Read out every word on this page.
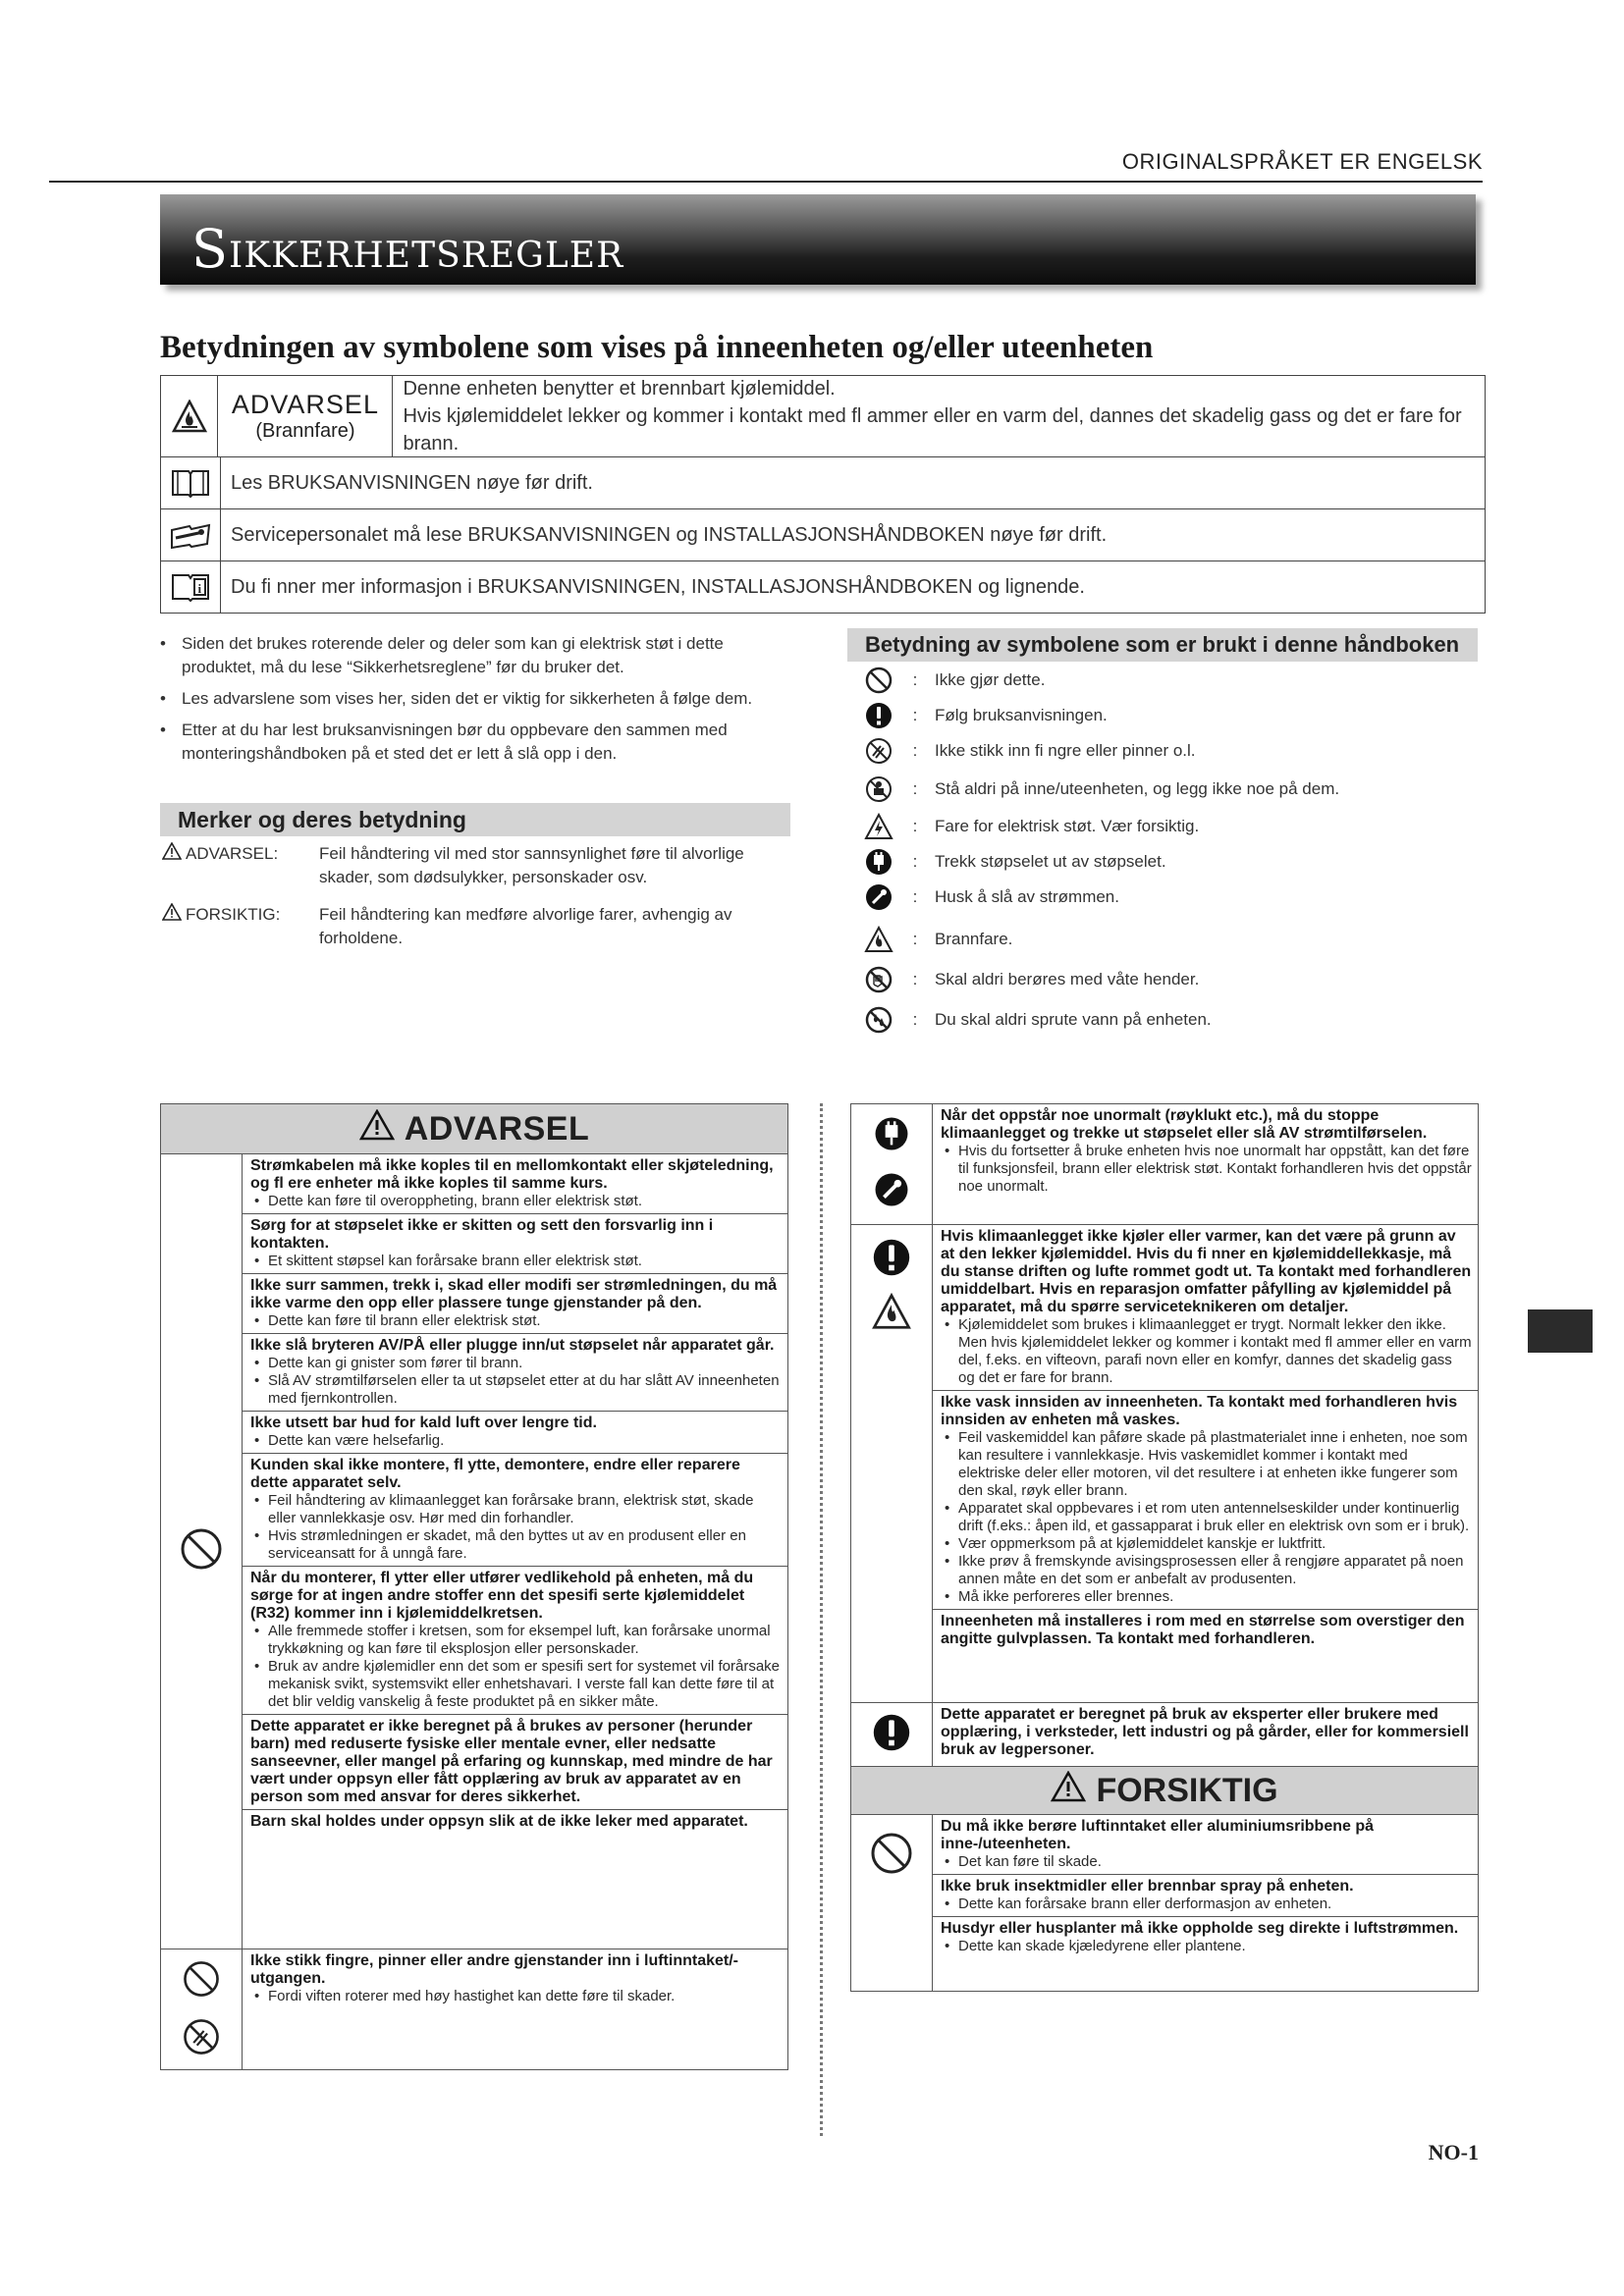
ORIGINALSPRÅKET ER ENGELSK
SIKKERHETSREGLER
Betydningen av symbolene som vises på inneenheten og/eller uteenheten
ADVARSEL
(Brannfare)
Denne enheten benytter et brennbart kjølemiddel.
Hvis kjølemiddelet lekker og kommer i kontakt med fl ammer eller en varm del, dannes det skadelig gass og det er fare for brann.
Les BRUKSANVISNINGEN nøye før drift.
Servicepersonalet må lese BRUKSANVISNINGEN og INSTALLASJONSHÅNDBOKEN nøye før drift.
i	Du fi nner mer informasjon i BRUKSANVISNINGEN, INSTALLASJONSHÅNDBOKEN og lignende.
• Siden det brukes roterende deler og deler som kan gi elektrisk støt i dette produktet, må du lese “Sikkerhetsreglene” før du bruker det.
• Les advarslene som vises her, siden det er viktig for sikkerheten å følge dem.
• Etter at du har lest bruksanvisningen bør du oppbevare den sammen med monteringshåndboken på et sted det er lett å slå opp i den.
Merker og deres betydning
ADVARSEL: Feil håndtering vil med stor sannsynlighet føre til alvorlige skader, som dødsulykker, personskader osv.
FORSIKTIG: Feil håndtering kan medføre alvorlige farer, avhengig av forholdene.
Betydning av symbolene som er brukt i denne håndboken
:	Ikke gjør dette.
:	Følg bruksanvisningen.
:	Ikke stikk inn fi ngre eller pinner o.l.
:	Stå aldri på inne/uteenheten, og legg ikke noe på dem.
:	Fare for elektrisk støt. Vær forsiktig.
:	Trekk støpselet ut av støpselet.
:	Husk å slå av strømmen.
:	Brannfare.
:	Skal aldri berøres med våte hender.
:	Du skal aldri sprute vann på enheten.
ADVARSEL
Strømkabelen må ikke koples til en mellomkontakt eller skjøteledning, og fl ere enheter må ikke koples til samme kurs.
• Dette kan føre til overoppheting, brann eller elektrisk støt.
Sørg for at støpselet ikke er skitten og sett den forsvarlig inn i kontakten.
• Et skittent støpsel kan forårsake brann eller elektrisk støt.
Ikke surr sammen, trekk i, skad eller modifi ser strømledningen, du må ikke varme den opp eller plassere tunge gjenstander på den.
• Dette kan føre til brann eller elektrisk støt.
Ikke slå bryteren AV/PÅ eller plugge inn/ut støpselet når apparatet går.
• Dette kan gi gnister som fører til brann.
• Slå AV strømtilførselen eller ta ut støpselet etter at du har slått AV inneenheten med fjernkontrollen.
Ikke utsett bar hud for kald luft over lengre tid.
• Dette kan være helsefarlig.
Kunden skal ikke montere, fl ytte, demontere, endre eller reparere dette apparatet selv.
• Feil håndtering av klimaanlegget kan forårsake brann, elektrisk støt, skade eller vannlekkasje osv. Hør med din forhandler.
• Hvis strømledningen er skadet, må den byttes ut av en produsent eller en serviceansatt for å unngå fare.
Når du monterer, fl ytter eller utfører vedlikehold på enheten, må du sørge for at ingen andre stoffer enn det spesifi serte kjølemiddelet (R32) kommer inn i kjølemiddelkretsen.
• Alle fremmede stoffer i kretsen, som for eksempel luft, kan forårsake unormal trykkøkning og kan føre til eksplosjon eller personskader.
• Bruk av andre kjølemidler enn det som er spesifi sert for systemet vil forårsake mekanisk svikt, systemsvikt eller enhetshavari. I verste fall kan dette føre til at det blir veldig vanskelig å feste produktet på en sikker måte.
Dette apparatet er ikke beregnet på å brukes av personer (herunder barn) med reduserte fysiske eller mentale evner, eller nedsatte sanseevner, eller mangel på erfaring og kunnskap, med mindre de har vært under oppsyn eller fått opplæring av bruk av apparatet av en person som med ansvar for deres sikkerhet.
Barn skal holdes under oppsyn slik at de ikke leker med apparatet.
Ikke stikk fingre, pinner eller andre gjenstander inn i luftinntaket/-utgangen.
• Fordi viften roterer med høy hastighet kan dette føre til skader.
Når det oppstår noe unormalt (røyklukt etc.), må du stoppe klimaanlegget og trekke ut støpselet eller slå AV strømtilførselen.
• Hvis du fortsetter å bruke enheten hvis noe unormalt har oppstått, kan det føre til funksjonsfeil, brann eller elektrisk støt. Kontakt forhandleren hvis det oppstår noe unormalt.
Hvis klimaanlegget ikke kjøler eller varmer, kan det være på grunn av at den lekker kjølemiddel. Hvis du fi nner en kjølemiddellekkasje, må du stanse driften og lufte rommet godt ut. Ta kontakt med forhandleren umiddelbart. Hvis en reparasjon omfatter påfylling av kjølemiddel på apparatet, må du spørre serviceteknikeren om detaljer.
• Kjølemiddelet som brukes i klimaanlegget er trygt. Normalt lekker den ikke. Men hvis kjølemiddelet lekker og kommer i kontakt med fl ammer eller en varm del, f.eks. en vifteovn, parafi novn eller en komfyr, dannes det skadelig gass og det er fare for brann.
Ikke vask innsiden av inneenheten. Ta kontakt med forhandleren hvis innsiden av enheten må vaskes.
• Feil vaskemiddel kan påføre skade på plastmaterialet inne i enheten, noe som kan resultere i vannlekkasje. Hvis vaskemidlet kommer i kontakt med elektriske deler eller motoren, vil det resultere i at enheten ikke fungerer som den skal, røyk eller brann.
• Apparatet skal oppbevares i et rom uten antennelseskilder under kontinuerlig drift (f.eks.: åpen ild, et gassapparat i bruk eller en elektrisk ovn som er i bruk).
• Vær oppmerksom på at kjølemiddelet kanskje er luktfritt.
• Ikke prøv å fremskynde avisingsprosessen eller å rengjøre apparatet på noen annen måte en det som er anbefalt av produsenten.
• Må ikke perforeres eller brennes.
Inneenheten må installeres i rom med en størrelse som overstiger den angitte gulvplassen. Ta kontakt med forhandleren.
Dette apparatet er beregnet på bruk av eksperter eller brukere med opplæring, i verksteder, lett industri og på gårder, eller for kommersiell bruk av legpersoner.
FORSIKTIG
Du må ikke berøre luftinntaket eller aluminiumsribbene på inne-/uteenheten.
• Det kan føre til skade.
Ikke bruk insektmidler eller brennbar spray på enheten.
• Dette kan forårsake brann eller derformasjon av enheten.
Husdyr eller husplanter må ikke oppholde seg direkte i luftstrømmen.
• Dette kan skade kjæledyrene eller plantene.
NO-1
